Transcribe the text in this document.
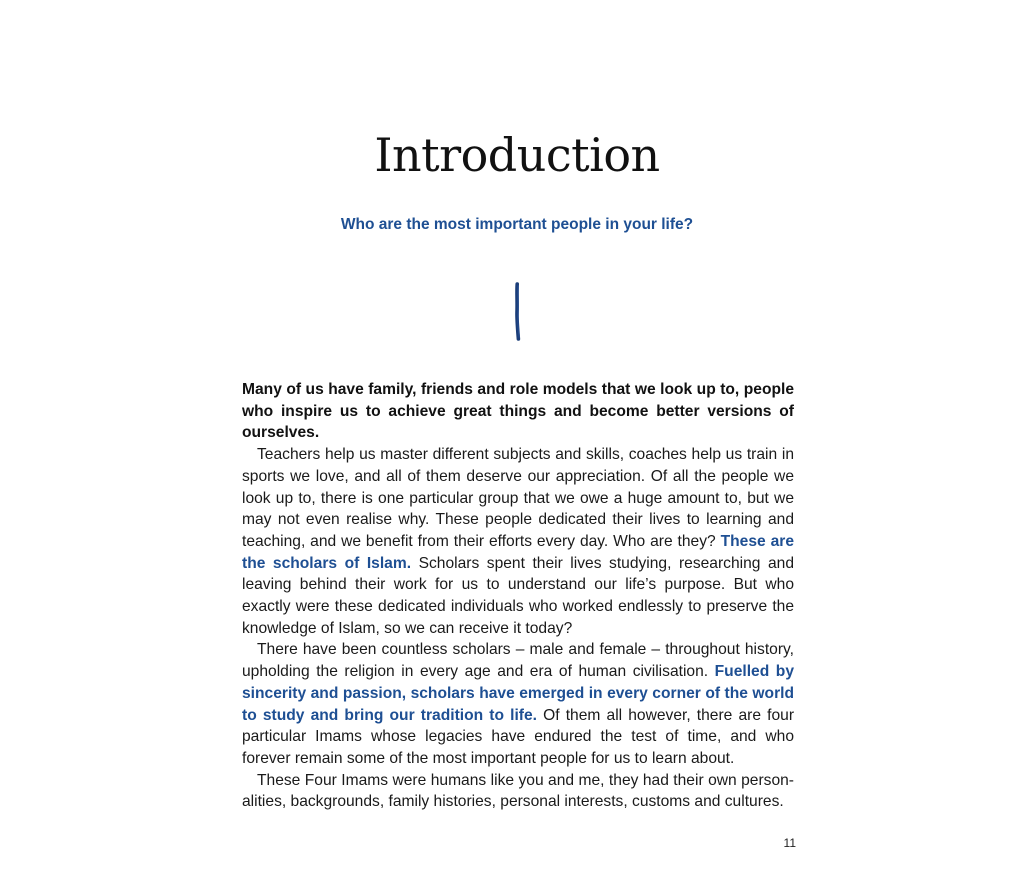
Introduction
Who are the most important people in your life?

Many of us have family, friends and role models that we look up to, people who inspire us to achieve great things and become better versions of ourselves.

Teachers help us master different subjects and skills, coaches help us train in sports we love, and all of them deserve our appreciation. Of all the people we look up to, there is one particular group that we owe a huge amount to, but we may not even realise why. These people dedicated their lives to learning and teaching, and we benefit from their efforts every day. Who are they? These are the scholars of Islam. Scholars spent their lives studying, researching and leaving behind their work for us to understand our life’s purpose. But who exactly were these dedicated individuals who worked endlessly to preserve the knowledge of Islam, so we can receive it today?

There have been countless scholars – male and female – throughout history, upholding the religion in every age and era of human civilisation. Fuelled by sincerity and passion, scholars have emerged in every corner of the world to study and bring our tradition to life. Of them all however, there are four particular Imams whose legacies have endured the test of time, and who forever remain some of the most important people for us to learn about.

These Four Imams were humans like you and me, they had their own personalities, backgrounds, family histories, personal interests, customs and cultures.

11
